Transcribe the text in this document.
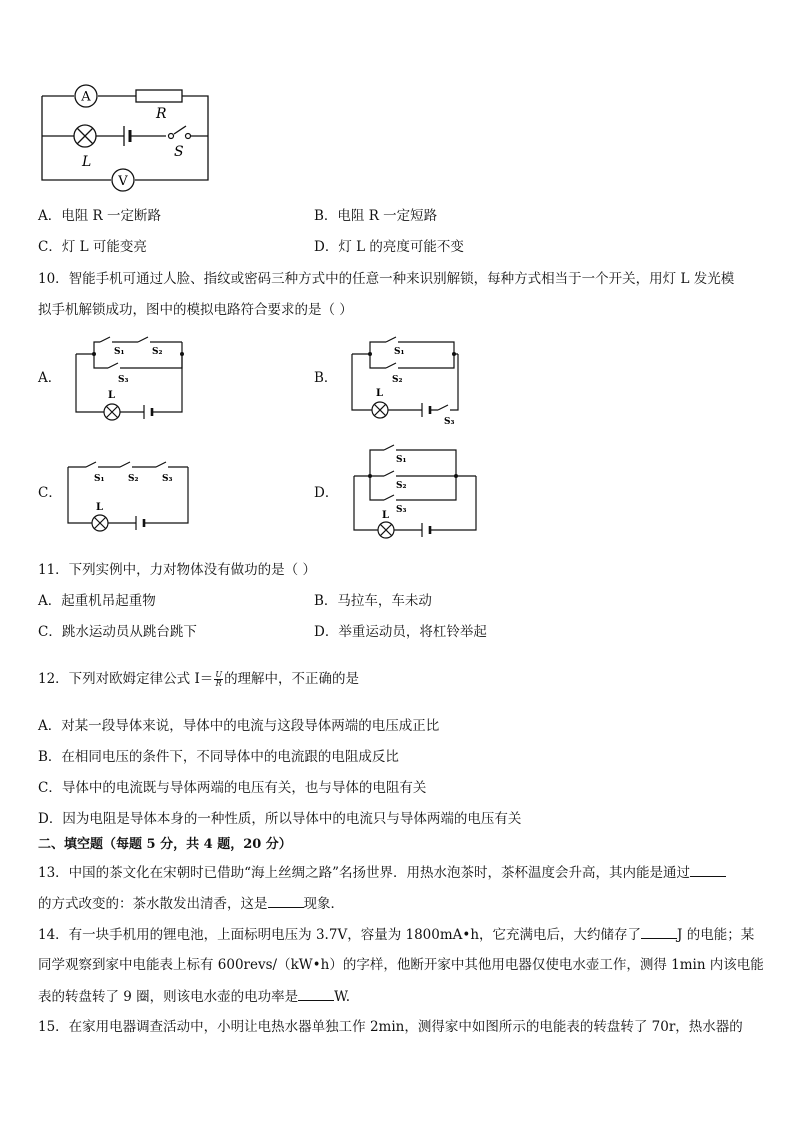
A
R
L
S
V
A．电阻 R 一定断路	B．电阻 R 一定短路
C．灯 L 可能变亮	D．灯 L 的亮度可能不变
10．智能手机可通过人脸、指纹或密码三种方式中的任意一种来识别解锁，每种方式相当于一个开关，用灯 L 发光模
拟手机解锁成功，图中的模拟电路符合要求的是（ ）
A．	B．
C．	D．
S₁	S₂
S₃
L
S₁
S₂
S₃
L
S₁	S₂	S₃
L
S₁
S₂
S₃
L
11．下列实例中，力对物体没有做功的是（ ）
A．起重机吊起重物	B．马拉车，车未动
C．跳水运动员从跳台跳下	D．举重运动员，将杠铃举起
12．下列对欧姆定律公式 $I= \frac{U}{R}$ 的理解中，不正确的是
A．对某一段导体来说，导体中的电流与这段导体两端的电压成正比
B．在相同电压的条件下，不同导体中的电流跟的电阻成反比
C．导体中的电流既与导体两端的电压有关，也与导体的电阻有关
D．因为电阻是导体本身的一种性质，所以导体中的电流只与导体两端的电压有关
二、填空题（每题 5 分，共 4 题，20 分）
13．中国的茶文化在宋朝时已借助“海上丝绸之路”名扬世界．用热水泡茶时，茶杯温度会升高，其内能是通过
的方式改变的：茶水散发出清香，这是	现象．
14．有一块手机用的锂电池，上面标明电压为 3.7V，容量为 1800mA•h，它充满电后，大约储存了	J 的电能；某
同学观察到家中电能表上标有 600revs/（kW•h）的字样，他断开家中其他用电器仅使电水壶工作，测得 1min 内该电能
表的转盘转了 9 圈，则该电水壶的电功率是	W.
15．在家用电器调查活动中，小明让电热水器单独工作 2min，测得家中如图所示的电能表的转盘转了 70r，热水器的
